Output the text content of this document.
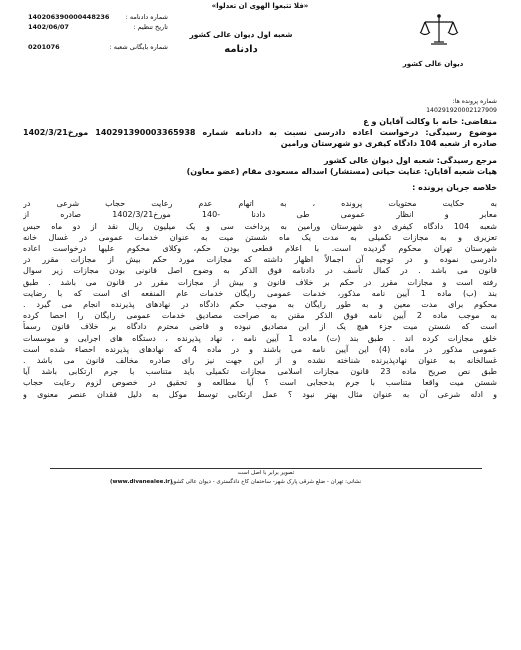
«فلا تتبعوا الهوی ان تعدلوا»
شعبه اول دیوان عالی کشور
دادنامه
دیوان عالی کشور
شماره دادنامه :
140206390000448236
تاریخ تنظیم :
1402/06/07
شماره بایگانی شعبه :
0201076
شماره پرونده ها:
140291920002127909
متقاضی: خانه با وکالت آقایان و ع
موضوع رسیدگی: درخواست اعاده دادرسی نسبت به دادنامه شماره 140291390003365938 مورخ1402/3/21
صادره از شعبه 104 دادگاه کیفری دو شهرستان ورامین
مرجع رسیدگی: شعبه اول دیوان عالی کشور
هیات شعبه آقایان: عنایت حیاتی (مستشار) اسداله مسعودی مقام (عضو معاون)
خلاصه جریان پرونده :
به حکایت محتویات پرونده ، به اتهام عدم رعایت حجاب شرعی در
معابر و انظار عمومی طی دادنا -140 مورخ1402/3/21 صادره از
شعبه 104 دادگاه کیفری دو شهرستان ورامین به پرداخت سی و یک میلیون ریال نقد از دو ماه حبس
تعزیری و به مجازات تکمیلی به مدت یک ماه شستن میت به عنوان خدمات عمومی در غسال خانه
شهرستان تهران محکوم گردیده است. با اعلام قطعی بودن حکم، وکلای محکوم علیها درخواست اعاده
دادرسی نموده و در توجیه آن اجمالاً اظهار داشته که مجازات مورد حکم بیش از مجازات مقرر در
قانون می باشد . در کمال تأسف در دادنامه فوق الذکر به وضوح اصل قانونی بودن مجازات زیر سوال
رفته است و مجازات مقرر در حکم بر خلاف قانون و بیش از مجازات مقرر در قانون می باشد . طبق
بند (ب) ماده 1 آیین نامه مذکور، خدمات عمومی رایگان خدمات عام المنفعه ای است که با رضایت
محکوم برای مدت معین و به طور رایگان به موجب حکم دادگاه در نهادهای پذیرنده انجام می گیرد .
به موجب ماده 2 آیین نامه فوق الذکر مقنن به صراحت مصادیق خدمات عمومی رایگان را احصا کرده
است که شستن میت جزء هیچ یک از این مصادیق نبوده و قاضی محترم دادگاه بر خلاف قانون رسماً
خلق مجازات کرده اند . طبق بند (ت) ماده 1 آیین نامه ، نهاد پذیرنده ، دستگاه های اجرایی و موسسات
عمومی مذکور در ماده (4) این آیین نامه می باشند و در ماده 4 که نهادهای پذیرنده احصاء شده است
غسالخانه به عنوان نهادپذیرنده شناخته نشده و از این جهت نیز رای صادره مخالف قانون می باشد .
طبق نص صریح ماده 23 قانون مجازات اسلامی مجازات تکمیلی باید متناسب با جرم ارتکابی باشد آیا
شستن میت واقعا متناسب با جرم بدحجابی است ؟ آیا مطالعه و تحقیق در خصوص لزوم رعایت حجاب
و ادله شرعی آن به عنوان مثال بهتر نبود ؟ عمل ارتکابی توسط موکل به دلیل فقدان عنصر معنوی و
تصویر برابر با اصل است
نشانی: تهران - ضلع شرقی پارک شهر- ساختمان کاخ دادگستری - دیوان عالی کشور
(www.divanealee.ir)
